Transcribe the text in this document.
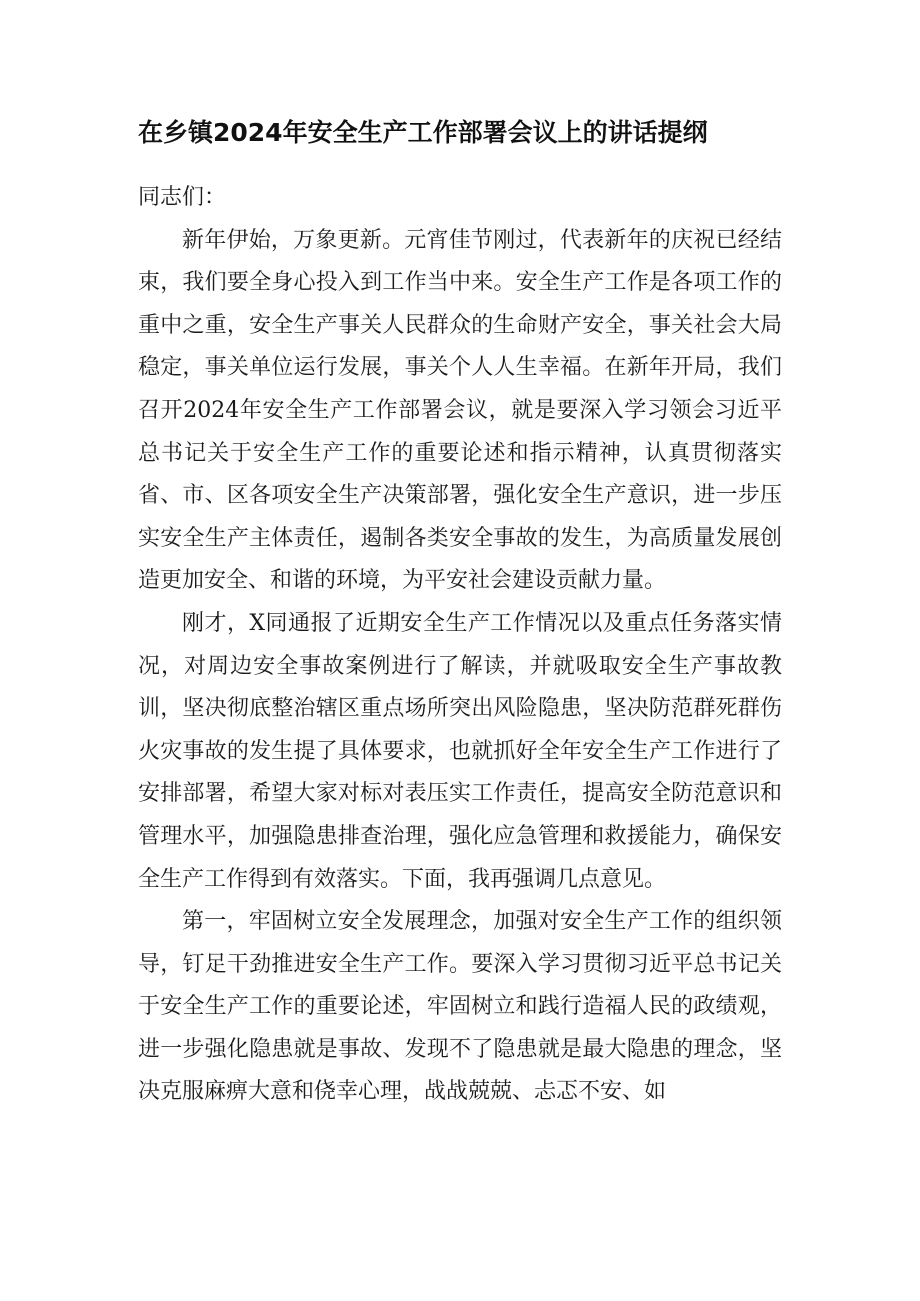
在乡镇2024年安全生产工作部署会议上的讲话提纲

同志们：

新年伊始，万象更新。元宵佳节刚过，代表新年的庆祝已经结束，我们要全身心投入到工作当中来。安全生产工作是各项工作的重中之重，安全生产事关人民群众的生命财产安全，事关社会大局稳定，事关单位运行发展，事关个人人生幸福。在新年开局，我们召开2024年安全生产工作部署会议，就是要深入学习领会习近平总书记关于安全生产工作的重要论述和指示精神，认真贯彻落实省、市、区各项安全生产决策部署，强化安全生产意识，进一步压实安全生产主体责任，遏制各类安全事故的发生，为高质量发展创造更加安全、和谐的环境，为平安社会建设贡献力量。

刚才，X同通报了近期安全生产工作情况以及重点任务落实情况，对周边安全事故案例进行了解读，并就吸取安全生产事故教训，坚决彻底整治辖区重点场所突出风险隐患，坚决防范群死群伤火灾事故的发生提了具体要求，也就抓好全年安全生产工作进行了安排部署，希望大家对标对表压实工作责任，提高安全防范意识和管理水平，加强隐患排查治理，强化应急管理和救援能力，确保安全生产工作得到有效落实。下面，我再强调几点意见。

第一，牢固树立安全发展理念，加强对安全生产工作的组织领导，钉足干劲推进安全生产工作。要深入学习贯彻习近平总书记关于安全生产工作的重要论述，牢固树立和践行造福人民的政绩观，进一步强化隐患就是事故、发现不了隐患就是最大隐患的理念，坚决克服麻痹大意和侥幸心理，战战兢兢、忐忑不安、如
